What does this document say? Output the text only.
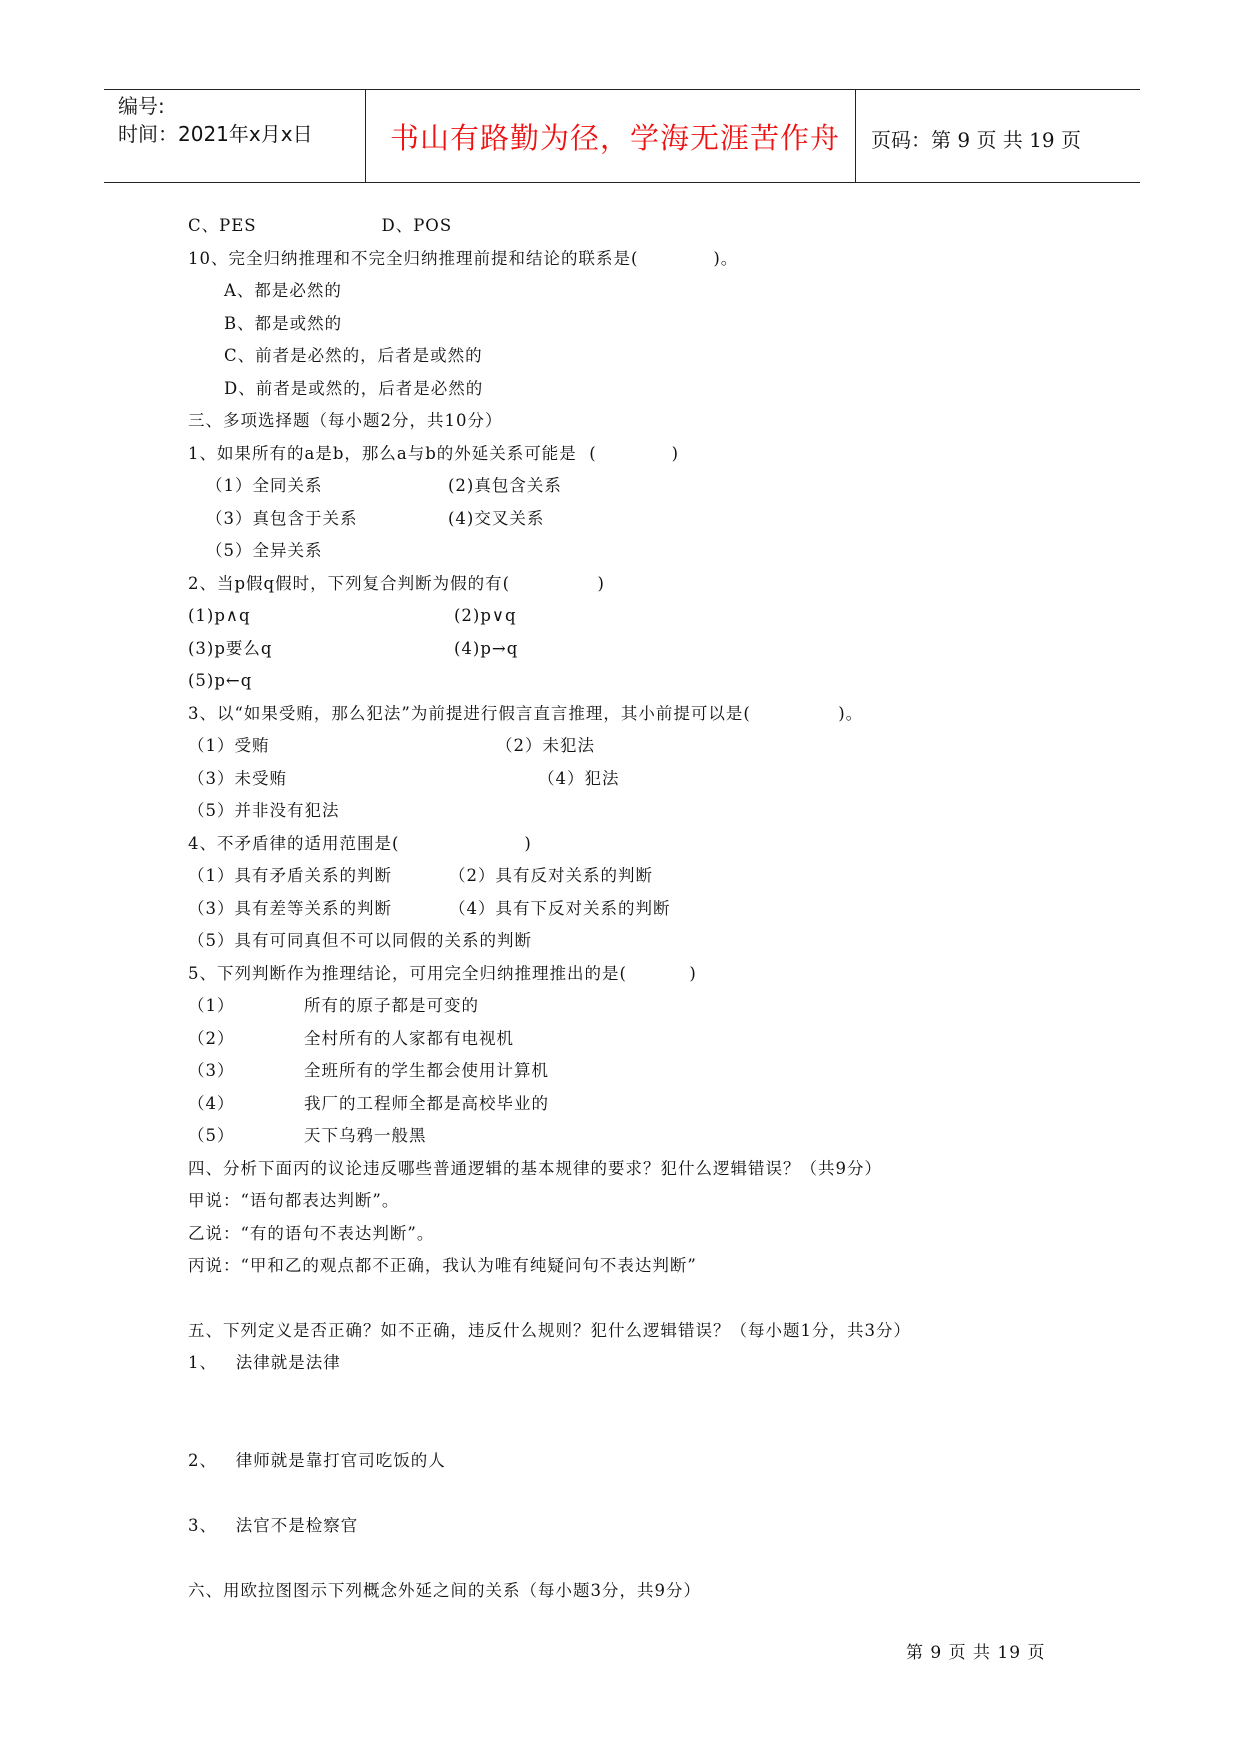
编号:
时间：2021年x月x日	书山有路勤为径，学海无涯苦作舟	页码：第 9 页 共 19 页
C、PES                    D、POS
10、完全归纳推理和不完全归纳推理前提和结论的联系是(            )。
A、都是必然的
B、都是或然的
C、前者是必然的，后者是或然的
D、前者是或然的，后者是必然的
三、多项选择题（每小题2分，共10分）
1、如果所有的a是b，那么a与b的外延关系可能是  (            )
（1）全同关系	(2)真包含关系
（3）真包含于关系	(4)交叉关系
（5）全异关系
2、当p假q假时，下列复合判断为假的有(              )
(1)p∧q	(2)p∨q
(3)p要么q	(4)p→q
(5)p←q
3、以“如果受贿，那么犯法”为前提进行假言直言推理，其小前提可以是(              )。
（1）受贿	（2）未犯法
（3）未受贿	（4）犯法
（5）并非没有犯法
4、不矛盾律的适用范围是(                    )
（1）具有矛盾关系的判断	（2）具有反对关系的判断
（3）具有差等关系的判断	（4）具有下反对关系的判断
（5）具有可同真但不可以同假的关系的判断
5、下列判断作为推理结论，可用完全归纳推理推出的是(          )
（1）	所有的原子都是可变的
（2）	全村所有的人家都有电视机
（3）	全班所有的学生都会使用计算机
（4）	我厂的工程师全都是高校毕业的
（5）	天下乌鸦一般黑
四、分析下面丙的议论违反哪些普通逻辑的基本规律的要求？犯什么逻辑错误？（共9分）
甲说：“语句都表达判断”。
乙说：“有的语句不表达判断”。
丙说：“甲和乙的观点都不正确，我认为唯有纯疑问句不表达判断”
五、下列定义是否正确？如不正确，违反什么规则？犯什么逻辑错误？（每小题1分，共3分）
1、   法律就是法律
2、   律师就是靠打官司吃饭的人
3、   法官不是检察官
六、用欧拉图图示下列概念外延之间的关系（每小题3分，共9分）
第 9 页 共 19 页
